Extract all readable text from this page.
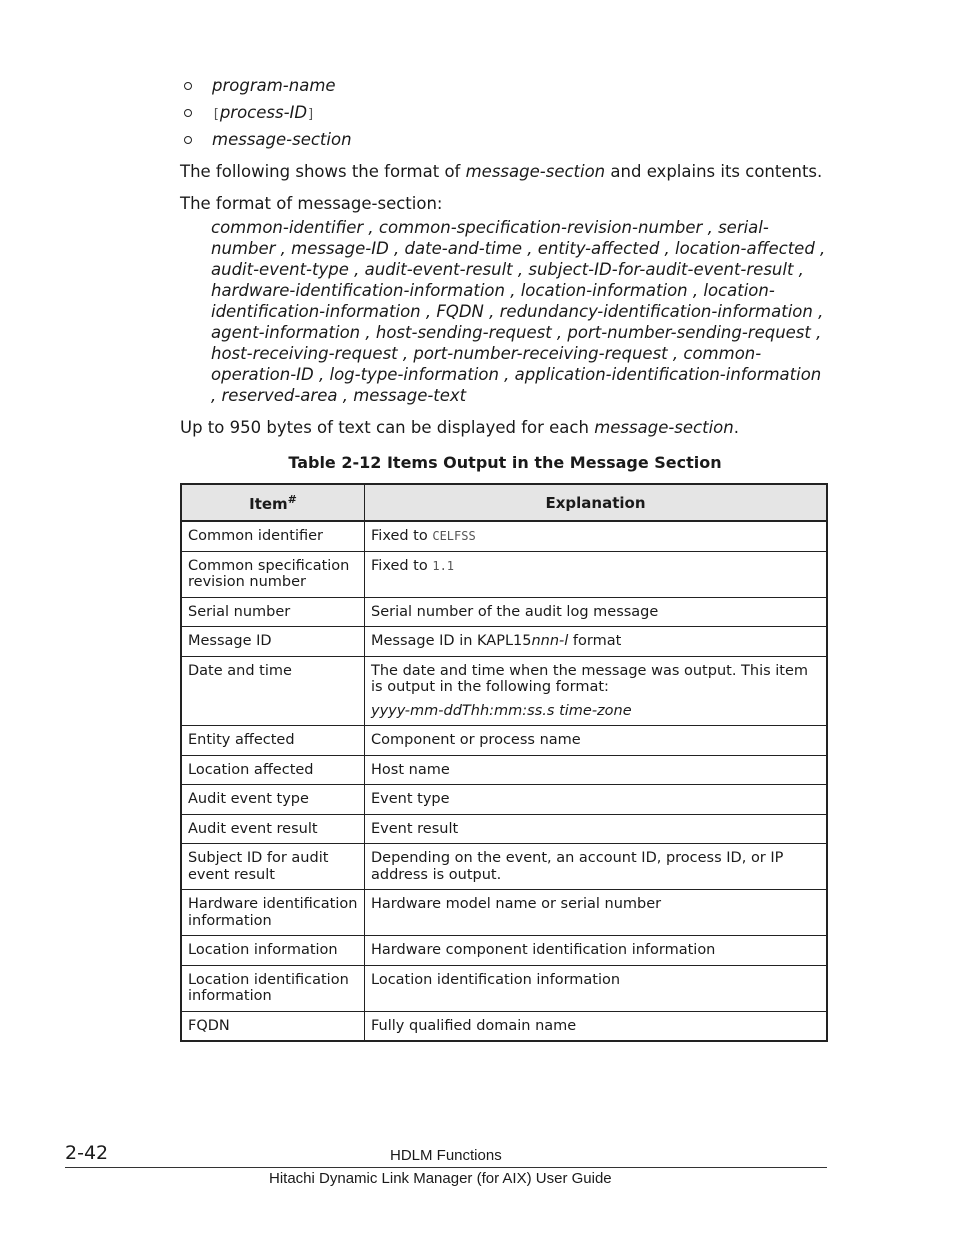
program-name
[process-ID]
message-section

The following shows the format of message-section and explains its contents.

The format of message-section:

common-identifier , common-specification-revision-number , serial-number , message-ID , date-and-time , entity-affected , location-affected , audit-event-type , audit-event-result , subject-ID-for-audit-event-result , hardware-identification-information , location-information , location-identification-information , FQDN , redundancy-identification-information , agent-information , host-sending-request , port-number-sending-request , host-receiving-request , port-number-receiving-request , common-operation-ID , log-type-information , application-identification-information , reserved-area , message-text

Up to 950 bytes of text can be displayed for each message-section.

Table 2-12 Items Output in the Message Section
Item#	Explanation
Common identifier	Fixed to CELFSS
Common specification revision number	Fixed to 1.1
Serial number	Serial number of the audit log message
Message ID	Message ID in KAPL15nnn-l format
Date and time	The date and time when the message was output. This item is output in the following format:
yyyy-mm-ddThh:mm:ss.s time-zone

Entity affected	Component or process name
Location affected	Host name
Audit event type	Event type
Audit event result	Event result
Subject ID for audit event result	Depending on the event, an account ID, process ID, or IP address is output.
Hardware identification information	Hardware model name or serial number
Location information	Hardware component identification information
Location identification information	Location identification information
FQDN	Fully qualified domain name
2-42	HDLM Functions
Hitachi Dynamic Link Manager (for AIX) User Guide
